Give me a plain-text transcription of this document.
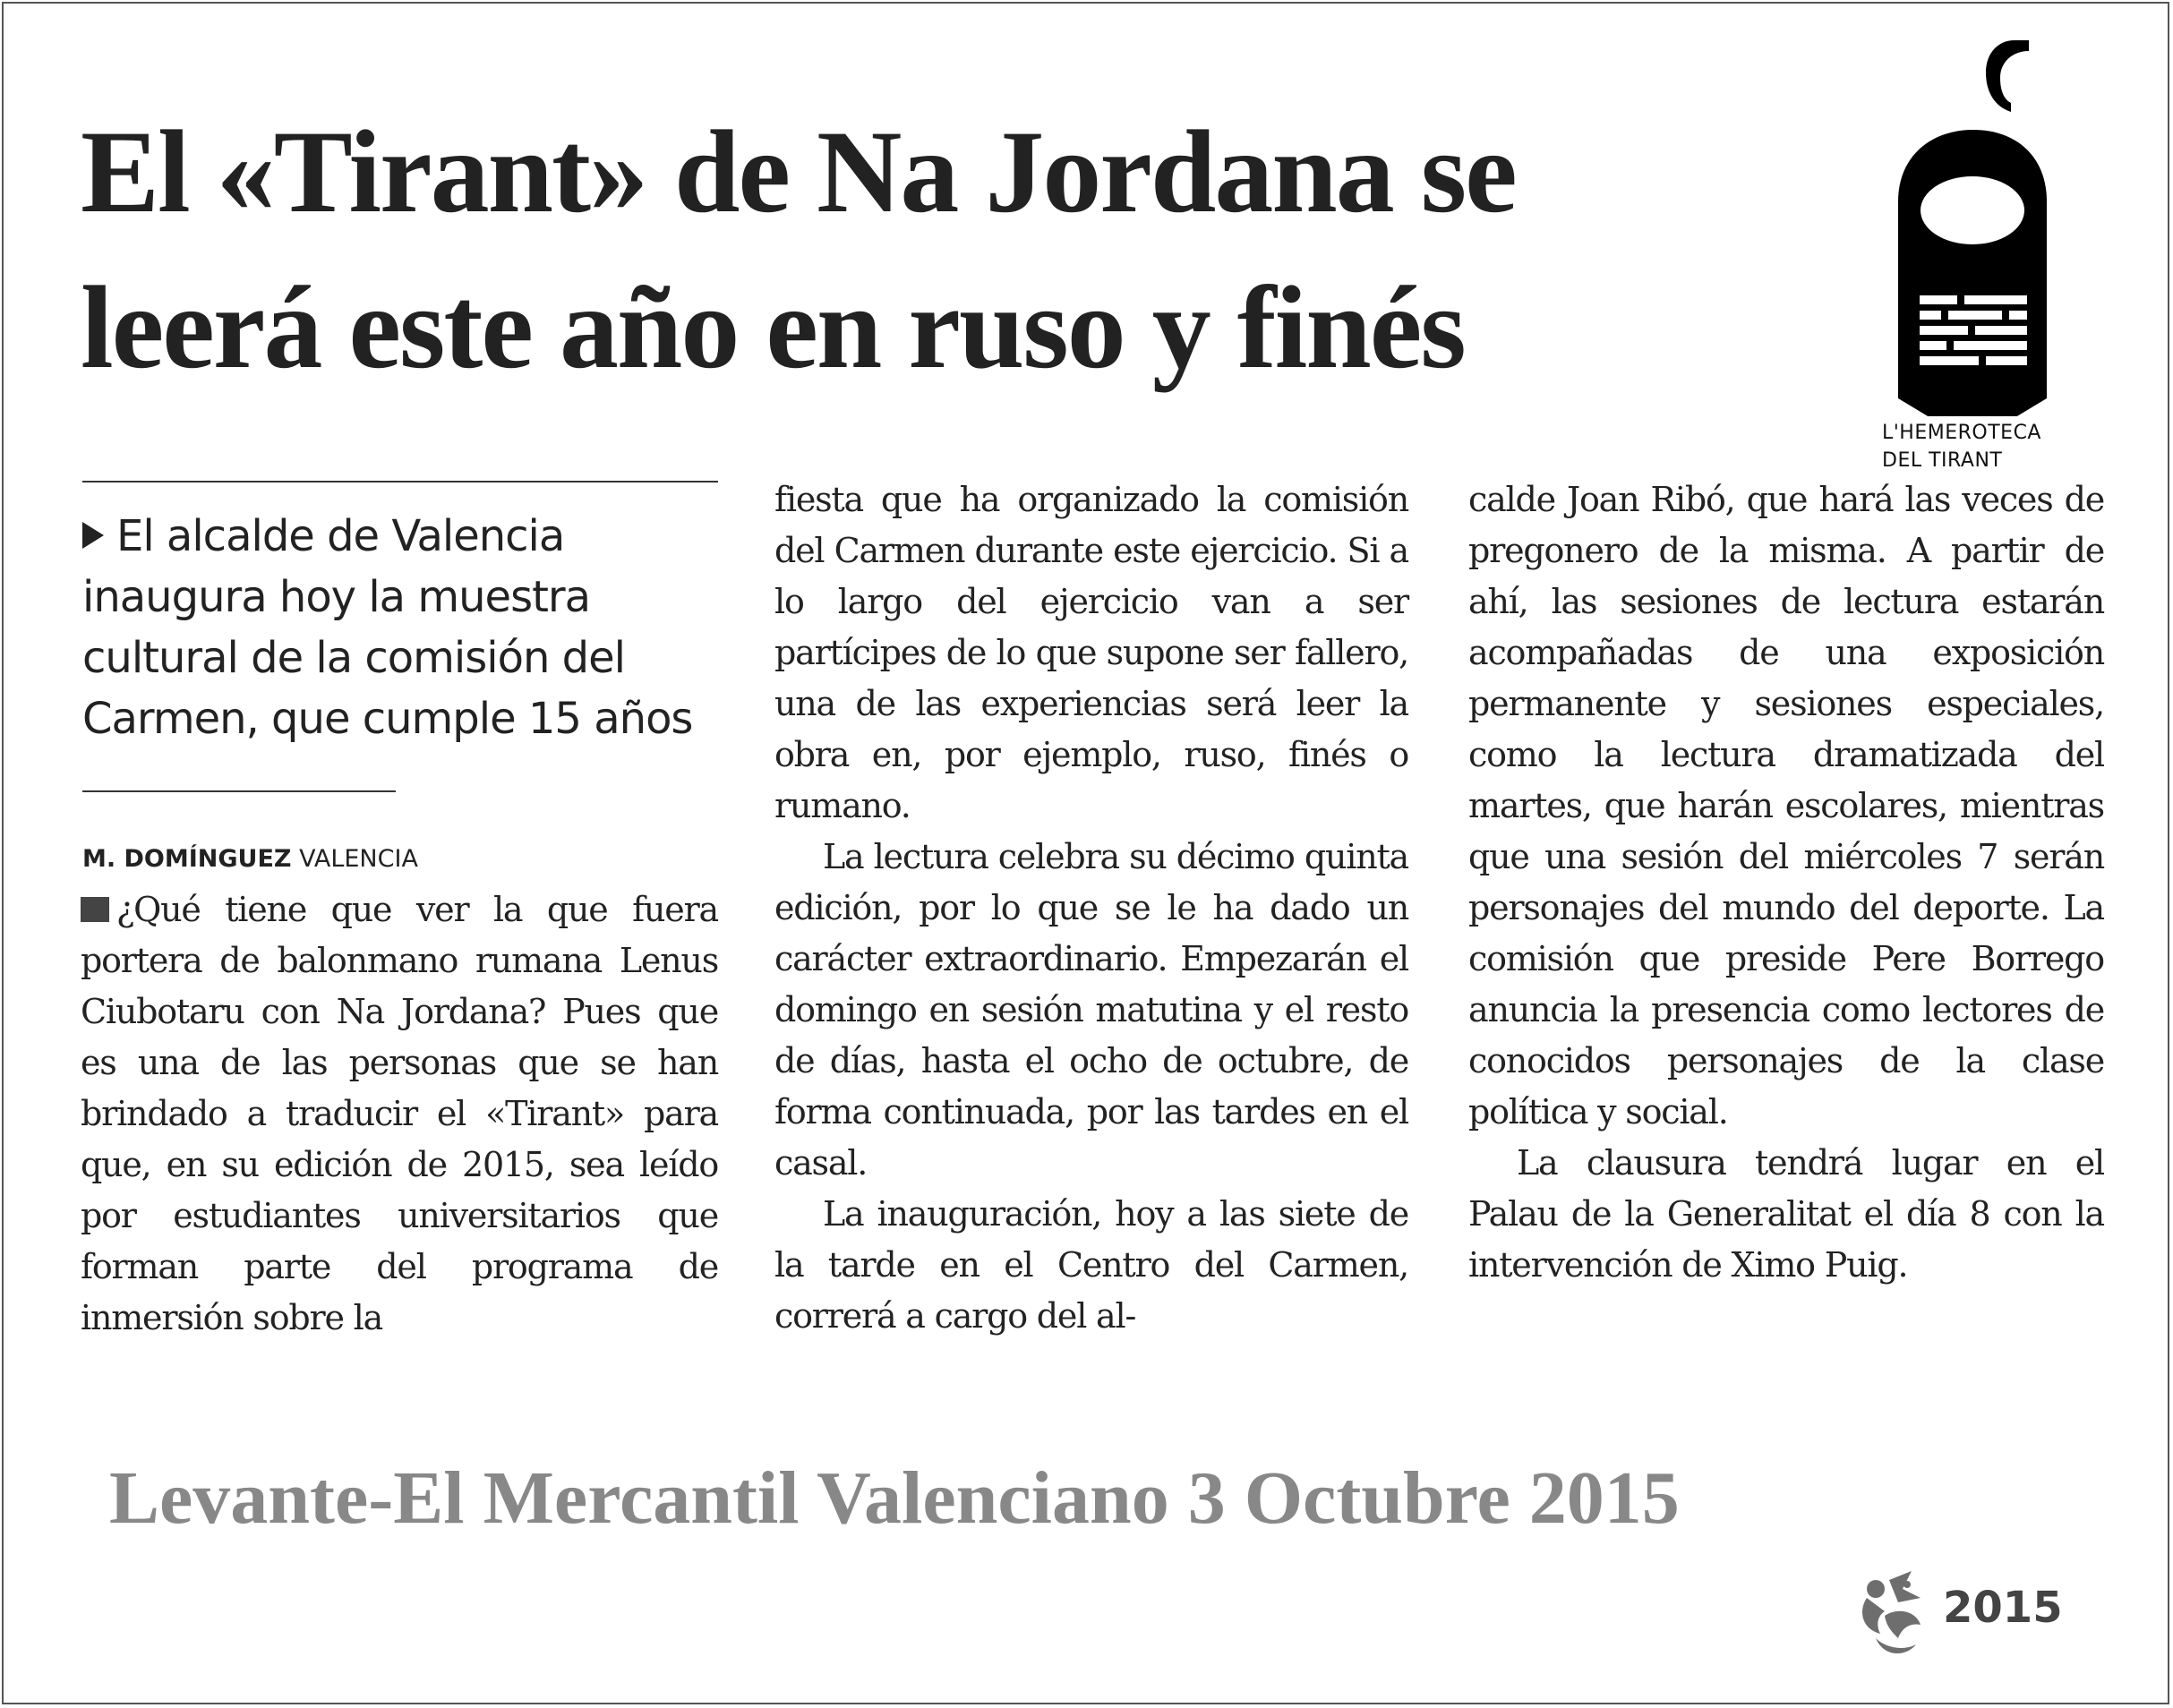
El «Tirant» de Na Jordana se
leerá este año en ruso y finés
L'HEMEROTECA
DEL TIRANT
El alcalde de Valencia inaugura hoy la muestra cultural de la comisión del Carmen, que cumple 15 años
M. DOMÍNGUEZ VALENCIA

¿Qué tiene que ver la que fuera portera de balonmano rumana Lenus Ciubotaru con Na Jordana? Pues que es una de las personas que se han brindado a traducir el «Tirant» para que, en su edición de 2015, sea leído por estudiantes universitarios que forman parte del programa de inmersión sobre la

fiesta que ha organizado la comisión del Carmen durante este ejercicio. Si a lo largo del ejercicio van a ser partícipes de lo que supone ser fallero, una de las experiencias será leer la obra en, por ejemplo, ruso, finés o rumano.

La lectura celebra su décimo quinta edición, por lo que se le ha dado un carácter extraordinario. Empezarán el domingo en sesión matutina y el resto de días, hasta el ocho de octubre, de forma continuada, por las tardes en el casal.

La inauguración, hoy a las siete de la tarde en el Centro del Carmen, correrá a cargo del al-

calde Joan Ribó, que hará las veces de pregonero de la misma. A partir de ahí, las sesiones de lectura estarán acompañadas de una exposición permanente y sesiones especiales, como la lectura dramatizada del martes, que harán escolares, mientras que una sesión del miércoles 7 serán personajes del mundo del deporte. La comisión que preside Pere Borrego anuncia la presencia como lectores de conocidos personajes de la clase política y social.

La clausura tendrá lugar en el Palau de la Generalitat el día 8 con la intervención de Ximo Puig.

Levante-El Mercantil Valenciano 3 Octubre 2015
2015
